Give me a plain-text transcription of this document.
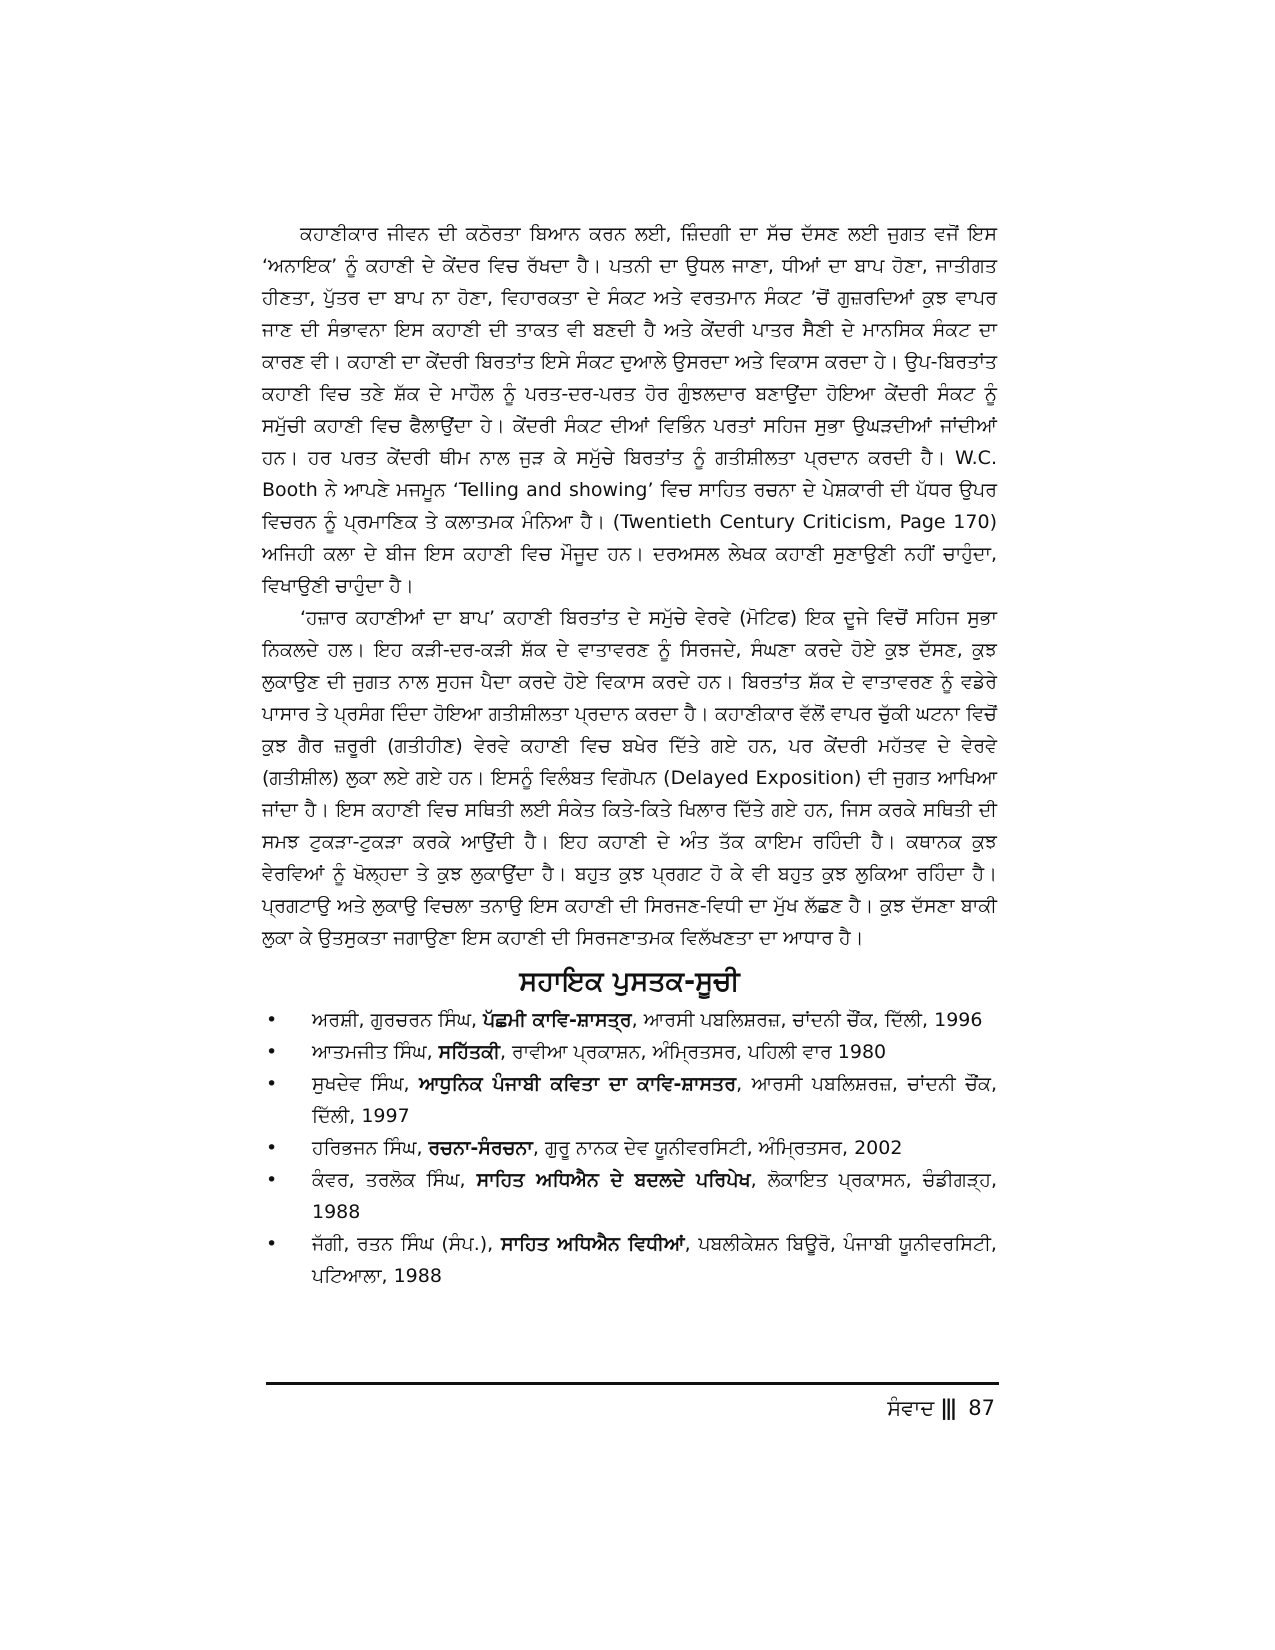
ਕਹਾਣੀਕਾਰ ਜੀਵਨ ਦੀ ਕਠੋਰਤਾ ਬਿਆਨ ਕਰਨ ਲਈ, ਜ਼ਿੰਦਗੀ ਦਾ ਸੱਚ ਦੱਸਣ ਲਈ ਜੁਗਤ ਵਜੋਂ ਇਸ ‘ਅਨਾਇਕ’ ਨੂੰ ਕਹਾਣੀ ਦੇ ਕੇਂਦਰ ਵਿਚ ਰੱਖਦਾ ਹੈ। ਪਤਨੀ ਦਾ ਉਧਲ ਜਾਣਾ, ਧੀਆਂ ਦਾ ਬਾਪ ਹੋਣਾ, ਜਾਤੀਗਤ ਹੀਣਤਾ, ਪੁੱਤਰ ਦਾ ਬਾਪ ਨਾ ਹੋਣਾ, ਵਿਹਾਰਕਤਾ ਦੇ ਸੰਕਟ ਅਤੇ ਵਰਤਮਾਨ ਸੰਕਟ ’ਚੋਂ ਗੁਜ਼ਰਦਿਆਂ ਕੁਝ ਵਾਪਰ ਜਾਣ ਦੀ ਸੰਭਾਵਨਾ ਇਸ ਕਹਾਣੀ ਦੀ ਤਾਕਤ ਵੀ ਬਣਦੀ ਹੈ ਅਤੇ ਕੇਂਦਰੀ ਪਾਤਰ ਸੈਣੀ ਦੇ ਮਾਨਸਿਕ ਸੰਕਟ ਦਾ ਕਾਰਣ ਵੀ। ਕਹਾਣੀ ਦਾ ਕੇਂਦਰੀ ਬਿਰਤਾਂਤ ਇਸੇ ਸੰਕਟ ਦੁਆਲੇ ਉਸਰਦਾ ਅਤੇ ਵਿਕਾਸ ਕਰਦਾ ਹੇ। ਉਪ-ਬਿਰਤਾਂਤ ਕਹਾਣੀ ਵਿਚ ਤਣੇ ਸ਼ੱਕ ਦੇ ਮਾਹੌਲ ਨੂੰ ਪਰਤ-ਦਰ-ਪਰਤ ਹੋਰ ਗੁੰਝਲਦਾਰ ਬਣਾਉਂਦਾ ਹੋਇਆ ਕੇਂਦਰੀ ਸੰਕਟ ਨੂੰ ਸਮੁੱਚੀ ਕਹਾਣੀ ਵਿਚ ਫੈਲਾਉਂਦਾ ਹੇ। ਕੇਂਦਰੀ ਸੰਕਟ ਦੀਆਂ ਵਿਭਿੰਨ ਪਰਤਾਂ ਸਹਿਜ ਸੁਭਾ ਉਘੜਦੀਆਂ ਜਾਂਦੀਆਂ ਹਨ। ਹਰ ਪਰਤ ਕੇਂਦਰੀ ਥੀਮ ਨਾਲ ਜੁੜ ਕੇ ਸਮੁੱਚੇ ਬਿਰਤਾਂਤ ਨੂੰ ਗਤੀਸ਼ੀਲਤਾ ਪ੍ਰਦਾਨ ਕਰਦੀ ਹੈ। W.C. Booth ਨੇ ਆਪਣੇ ਮਜਮੂਨ ‘Telling and showing’ ਵਿਚ ਸਾਹਿਤ ਰਚਨਾ ਦੇ ਪੇਸ਼ਕਾਰੀ ਦੀ ਪੱਧਰ ਉਪਰ ਵਿਚਰਨ ਨੂੰ ਪ੍ਰਮਾਣਿਕ ਤੇ ਕਲਾਤਮਕ ਮੰਨਿਆ ਹੈ। (Twentieth Century Criticism, Page 170) ਅਜਿਹੀ ਕਲਾ ਦੇ ਬੀਜ ਇਸ ਕਹਾਣੀ ਵਿਚ ਮੌਜੂਦ ਹਨ। ਦਰਅਸਲ ਲੇਖਕ ਕਹਾਣੀ ਸੁਣਾਉਣੀ ਨਹੀਂ ਚਾਹੁੰਦਾ, ਵਿਖਾਉਣੀ ਚਾਹੁੰਦਾ ਹੈ।

‘ਹਜ਼ਾਰ ਕਹਾਣੀਆਂ ਦਾ ਬਾਪ’ ਕਹਾਣੀ ਬਿਰਤਾਂਤ ਦੇ ਸਮੁੱਚੇ ਵੇਰਵੇ (ਮੋਟਿਫ) ਇਕ ਦੂਜੇ ਵਿਚੋਂ ਸਹਿਜ ਸੁਭਾ ਨਿਕਲਦੇ ਹਲ। ਇਹ ਕੜੀ-ਦਰ-ਕੜੀ ਸ਼ੱਕ ਦੇ ਵਾਤਾਵਰਣ ਨੂੰ ਸਿਰਜਦੇ, ਸੰਘਣਾ ਕਰਦੇ ਹੋਏ ਕੁਝ ਦੱਸਣ, ਕੁਝ ਲੁਕਾਉਣ ਦੀ ਜੁਗਤ ਨਾਲ ਸੁਹਜ ਪੈਦਾ ਕਰਦੇ ਹੋਏ ਵਿਕਾਸ ਕਰਦੇ ਹਨ। ਬਿਰਤਾਂਤ ਸ਼ੱਕ ਦੇ ਵਾਤਾਵਰਣ ਨੂੰ ਵਡੇਰੇ ਪਾਸਾਰ ਤੇ ਪ੍ਰਸੰਗ ਦਿੰਦਾ ਹੋਇਆ ਗਤੀਸ਼ੀਲਤਾ ਪ੍ਰਦਾਨ ਕਰਦਾ ਹੈ। ਕਹਾਣੀਕਾਰ ਵੱਲੋਂ ਵਾਪਰ ਚੁੱਕੀ ਘਟਨਾ ਵਿਚੋਂ ਕੁਝ ਗੈਰ ਜ਼ਰੂਰੀ (ਗਤੀਹੀਣ) ਵੇਰਵੇ ਕਹਾਣੀ ਵਿਚ ਬਖੇਰ ਦਿੱਤੇ ਗਏ ਹਨ, ਪਰ ਕੇਂਦਰੀ ਮਹੱਤਵ ਦੇ ਵੇਰਵੇ (ਗਤੀਸ਼ੀਲ) ਲੁਕਾ ਲਏ ਗਏ ਹਨ। ਇਸਨੂੰ ਵਿਲੰਬਤ ਵਿਗੋਪਨ (Delayed Exposition) ਦੀ ਜੁਗਤ ਆਖਿਆ ਜਾਂਦਾ ਹੈ। ਇਸ ਕਹਾਣੀ ਵਿਚ ਸਥਿਤੀ ਲਈ ਸੰਕੇਤ ਕਿਤੇ-ਕਿਤੇ ਖਿਲਾਰ ਦਿੱਤੇ ਗਏ ਹਨ, ਜਿਸ ਕਰਕੇ ਸਥਿਤੀ ਦੀ ਸਮਝ ਟੁਕੜਾ-ਟੁਕੜਾ ਕਰਕੇ ਆਉਂਦੀ ਹੈ। ਇਹ ਕਹਾਣੀ ਦੇ ਅੰਤ ਤੱਕ ਕਾਇਮ ਰਹਿੰਦੀ ਹੈ। ਕਥਾਨਕ ਕੁਝ ਵੇਰਵਿਆਂ ਨੂੰ ਖੋਲ੍ਹਦਾ ਤੇ ਕੁਝ ਲੁਕਾਉਂਦਾ ਹੈ। ਬਹੁਤ ਕੁਝ ਪ੍ਰਗਟ ਹੋ ਕੇ ਵੀ ਬਹੁਤ ਕੁਝ ਲੁਕਿਆ ਰਹਿੰਦਾ ਹੈ। ਪ੍ਰਗਟਾਉ ਅਤੇ ਲੁਕਾਉ ਵਿਚਲਾ ਤਨਾਉ ਇਸ ਕਹਾਣੀ ਦੀ ਸਿਰਜਣ-ਵਿਧੀ ਦਾ ਮੁੱਖ ਲੱਛਣ ਹੈ। ਕੁਝ ਦੱਸਣਾ ਬਾਕੀ ਲੁਕਾ ਕੇ ਉਤਸੁਕਤਾ ਜਗਾਉਣਾ ਇਸ ਕਹਾਣੀ ਦੀ ਸਿਰਜਣਾਤਮਕ ਵਿਲੱਖਣਤਾ ਦਾ ਆਧਾਰ ਹੈ।

ਸਹਾਇਕ ਪੁਸਤਕ-ਸੂਚੀ
• ਅਰਸ਼ੀ, ਗੁਰਚਰਨ ਸਿੰਘ, ਪੱਛਮੀ ਕਾਵਿ-ਸ਼ਾਸਤ੍ਰ, ਆਰਸੀ ਪਬਲਿਸ਼ਰਜ਼, ਚਾਂਦਨੀ ਚੌਂਕ, ਦਿੱਲੀ, 1996
• ਆਤਮਜੀਤ ਸਿੰਘ, ਸਹਿੱਤਕੀ, ਰਾਵੀਆ ਪ੍ਰਕਾਸ਼ਨ, ਅੰਮ੍ਰਿਤਸਰ, ਪਹਿਲੀ ਵਾਰ 1980
• ਸੁਖਦੇਵ ਸਿੰਘ, ਆਧੁਨਿਕ ਪੰਜਾਬੀ ਕਵਿਤਾ ਦਾ ਕਾਵਿ-ਸ਼ਾਸਤਰ, ਆਰਸੀ ਪਬਲਿਸ਼ਰਜ਼, ਚਾਂਦਨੀ ਚੌਂਕ, ਦਿੱਲੀ, 1997
• ਹਰਿਭਜਨ ਸਿੰਘ, ਰਚਨਾ-ਸੰਰਚਨਾ, ਗੁਰੂ ਨਾਨਕ ਦੇਵ ਯੂਨੀਵਰਸਿਟੀ, ਅੰਮ੍ਰਿਤਸਰ, 2002
• ਕੰਵਰ, ਤਰਲੋਕ ਸਿੰਘ, ਸਾਹਿਤ ਅਧਿਐਨ ਦੇ ਬਦਲਦੇ ਪਰਿਪੇਖ, ਲੋਕਾਇਤ ਪ੍ਰਕਾਸਨ, ਚੰਡੀਗੜ੍ਹ, 1988
• ਜੱਗੀ, ਰਤਨ ਸਿੰਘ (ਸੰਪ.), ਸਾਹਿਤ ਅਧਿਐਨ ਵਿਧੀਆਂ, ਪਬਲੀਕੇਸ਼ਨ ਬਿਊਰੋ, ਪੰਜਾਬੀ ਯੂਨੀਵਰਸਿਟੀ, ਪਟਿਆਲਾ, 1988
ਸੰਵਾਦ ||| 87
